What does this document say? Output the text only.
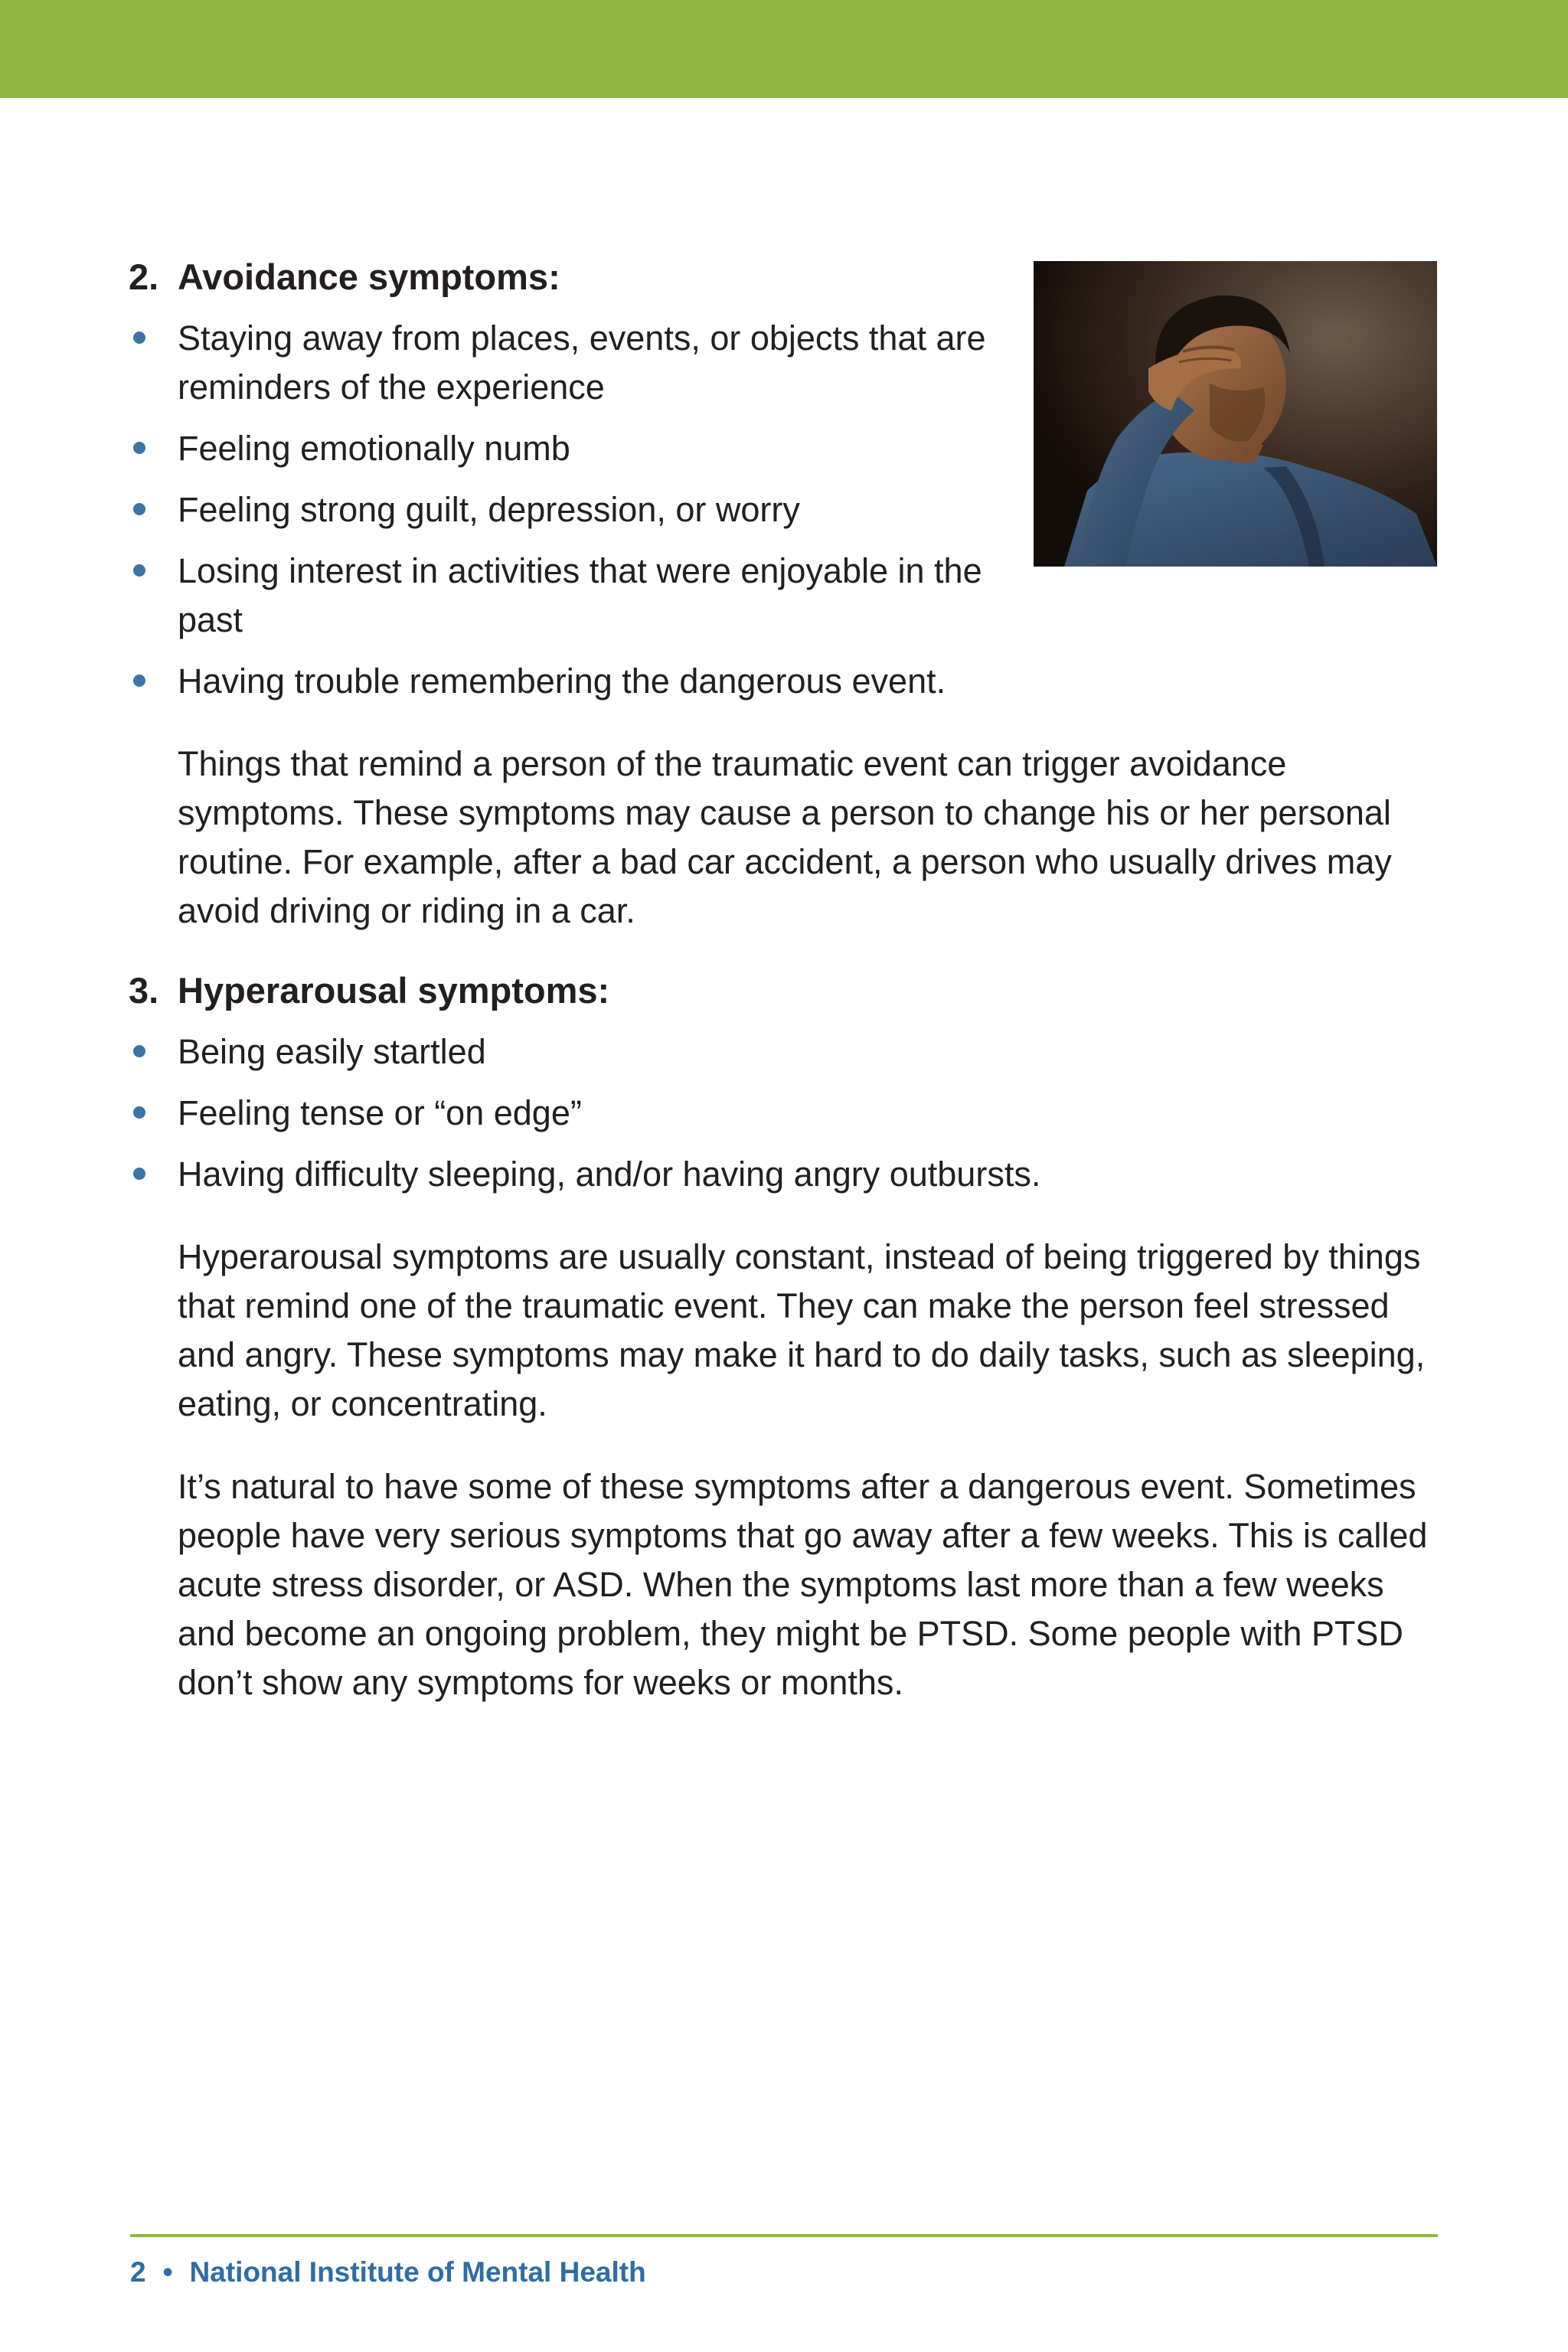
2. Avoidance symptoms:
Staying away from places, events, or objects that are reminders of the experience
Feeling emotionally numb
Feeling strong guilt, depression, or worry
Losing interest in activities that were enjoyable in the past
Having trouble remembering the dangerous event.

Things that remind a person of the traumatic event can trigger avoidance symptoms. These symptoms may cause a person to change his or her personal routine. For example, after a bad car accident, a person who usually drives may avoid driving or riding in a car.

3. Hyperarousal symptoms:
Being easily startled
Feeling tense or “on edge”
Having difficulty sleeping, and/or having angry outbursts.

Hyperarousal symptoms are usually constant, instead of being triggered by things that remind one of the traumatic event. They can make the person feel stressed and angry. These symptoms may make it hard to do daily tasks, such as sleeping, eating, or concentrating.

It’s natural to have some of these symptoms after a dangerous event. Sometimes people have very serious symptoms that go away after a few weeks. This is called acute stress disorder, or ASD. When the symptoms last more than a few weeks and become an ongoing problem, they might be PTSD. Some people with PTSD don’t show any symptoms for weeks or months.

2 • National Institute of Mental Health
